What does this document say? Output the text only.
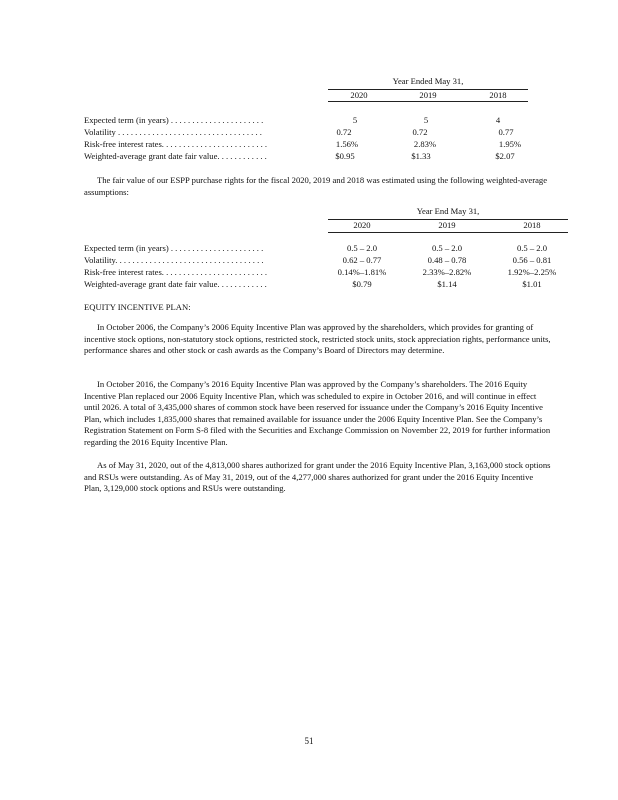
Year Ended May 31,
2020	2019	2018
Expected term (in years) . . . . . . . . . . . . . . . . . . . . . .	5	5	4
Volatility . . . . . . . . . . . . . . . . . . . . . . . . . . . . . . . . . .	0.72	0.72	0.77
Risk-free interest rates. . . . . . . . . . . . . . . . . . . . . . . . .	1.56%	2.83%	1.95%
Weighted-average grant date fair value. . . . . . . . . . . .	$0.95	$1.33	$2.07

The fair value of our ESPP purchase rights for the fiscal 2020, 2019 and 2018 was estimated using the following weighted-average assumptions:

Year End May 31,
2020	2019	2018
Expected term (in years) . . . . . . . . . . . . . . . . . . . . . .	0.5 – 2.0	0.5 – 2.0	0.5 – 2.0
Volatility. . . . . . . . . . . . . . . . . . . . . . . . . . . . . . . . . . .	0.62 – 0.77	0.48 – 0.78	0.56 – 0.81
Risk-free interest rates. . . . . . . . . . . . . . . . . . . . . . . . .	0.14%–1.81%	2.33%–2.82%	1.92%–2.25%
Weighted-average grant date fair value. . . . . . . . . . . .	$0.79	$1.14	$1.01
EQUITY INCENTIVE PLAN:

In October 2006, the Company’s 2006 Equity Incentive Plan was approved by the shareholders, which provides for granting of incentive stock options, non-statutory stock options, restricted stock, restricted stock units, stock appreciation rights, performance units, performance shares and other stock or cash awards as the Company’s Board of Directors may determine.

In October 2016, the Company’s 2016 Equity Incentive Plan was approved by the Company’s shareholders. The 2016 Equity Incentive Plan replaced our 2006 Equity Incentive Plan, which was scheduled to expire in October 2016, and will continue in effect until 2026. A total of 3,435,000 shares of common stock have been reserved for issuance under the Company’s 2016 Equity Incentive Plan, which includes 1,835,000 shares that remained available for issuance under the 2006 Equity Incentive Plan. See the Company’s Registration Statement on Form S-8 filed with the Securities and Exchange Commission on November 22, 2019 for further information regarding the 2016 Equity Incentive Plan.

As of May 31, 2020, out of the 4,813,000 shares authorized for grant under the 2016 Equity Incentive Plan, 3,163,000 stock options and RSUs were outstanding. As of May 31, 2019, out of the 4,277,000 shares authorized for grant under the 2016 Equity Incentive Plan, 3,129,000 stock options and RSUs were outstanding.

51
